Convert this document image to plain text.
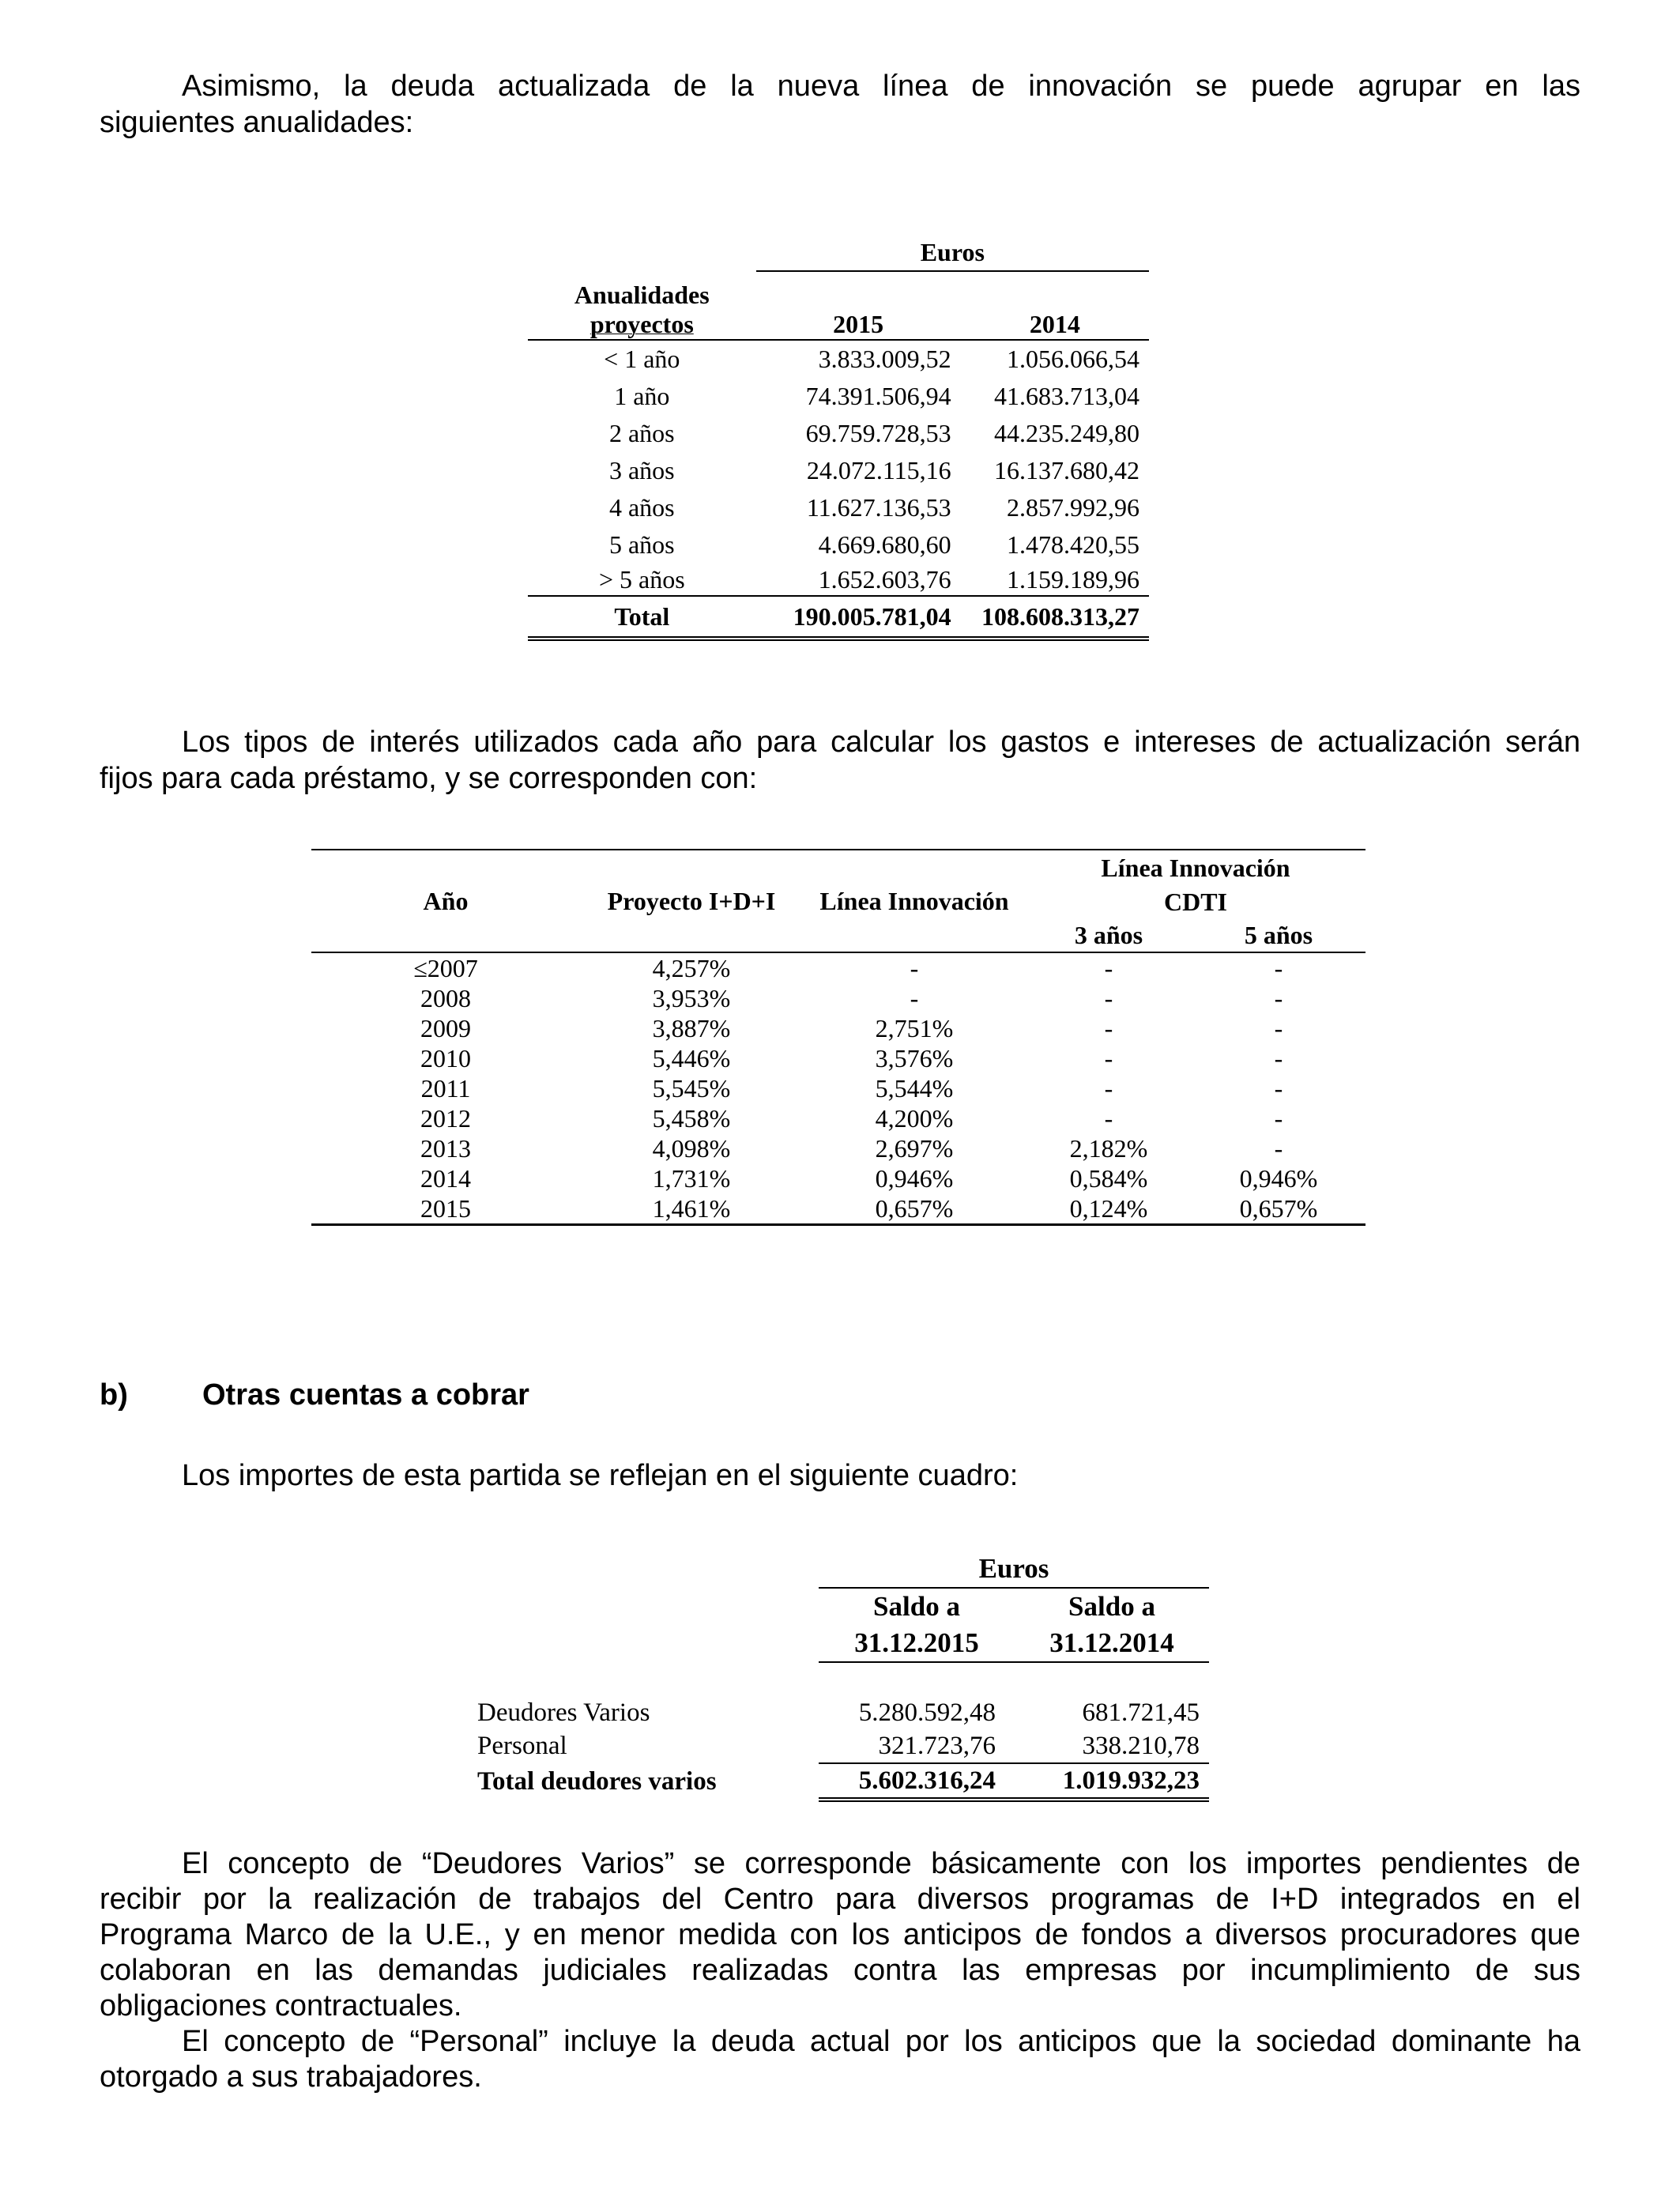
Asimismo, la deuda actualizada de la nueva línea de innovación se puede agrupar en las
siguientes anualidades:
	Euros	
Anualidades		
proyectos	2015	2014
< 1 año	3.833.009,52	1.056.066,54
1 año	74.391.506,94	41.683.713,04
2 años	69.759.728,53	44.235.249,80
3 años	24.072.115,16	16.137.680,42
4 años	11.627.136,53	2.857.992,96
5 años	4.669.680,60	1.478.420,55
> 5 años	1.652.603,76	1.159.189,96
Total	190.005.781,04	108.608.313,27
Los tipos de interés utilizados cada año para calcular los gastos e intereses de actualización serán
fijos para cada préstamo, y se corresponden con:
Año	Proyecto I+D+I	Línea Innovación	Línea Innovación	
			CDTI	
			3 años	5 años
≤2007	4,257%	-	-	-
2008	3,953%	-	-	-
2009	3,887%	2,751%	-	-
2010	5,446%	3,576%	-	-
2011	5,545%	5,544%	-	-
2012	5,458%	4,200%	-	-
2013	4,098%	2,697%	2,182%	-
2014	1,731%	0,946%	0,584%	0,946%
2015	1,461%	0,657%	0,124%	0,657%
b) Otras cuentas a cobrar
Los importes de esta partida se reflejan en el siguiente cuadro:
	Euros	
	Saldo a	Saldo a
	31.12.2015	31.12.2014

Deudores Varios	5.280.592,48	681.721,45
Personal	321.723,76	338.210,78
Total deudores varios	5.602.316,24	1.019.932,23
El concepto de “Deudores Varios” se corresponde básicamente con los importes pendientes de
recibir por la realización de trabajos del Centro para diversos programas de I+D integrados en el
Programa Marco de la U.E., y en menor medida con los anticipos de fondos a diversos procuradores que
colaboran en las demandas judiciales realizadas contra las empresas por incumplimiento de sus
obligaciones contractuales.
El concepto de “Personal” incluye la deuda actual por los anticipos que la sociedad dominante ha
otorgado a sus trabajadores.
